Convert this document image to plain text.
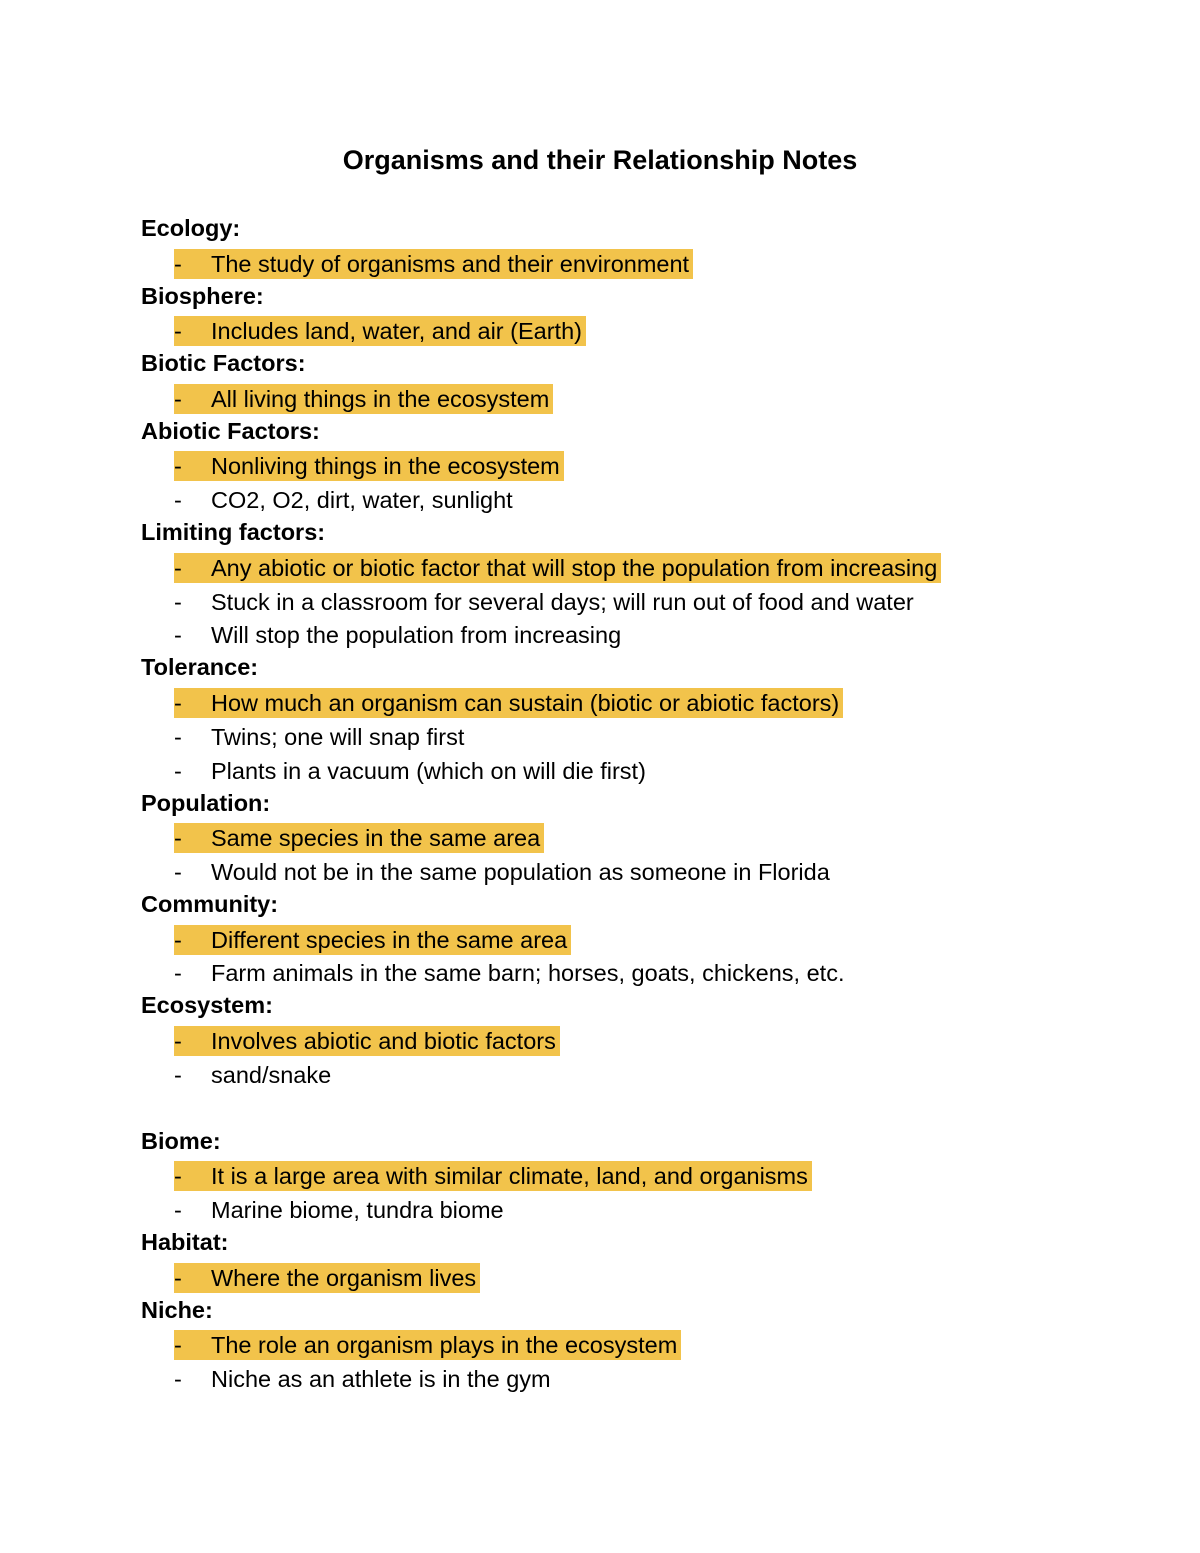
Organisms and their Relationship Notes
Ecology:
- The study of organisms and their environment
Biosphere:
- Includes land, water, and air (Earth)
Biotic Factors:
- All living things in the ecosystem
Abiotic Factors:
- Nonliving things in the ecosystem
- CO2, O2, dirt, water, sunlight
Limiting factors:
- Any abiotic or biotic factor that will stop the population from increasing
- Stuck in a classroom for several days; will run out of food and water
- Will stop the population from increasing
Tolerance:
- How much an organism can sustain (biotic or abiotic factors)
- Twins; one will snap first
- Plants in a vacuum (which on will die first)
Population:
- Same species in the same area
- Would not be in the same population as someone in Florida
Community:
- Different species in the same area
- Farm animals in the same barn; horses, goats, chickens, etc.
Ecosystem:
- Involves abiotic and biotic factors
- sand/snake
Biome:
- It is a large area with similar climate, land, and organisms
- Marine biome, tundra biome
Habitat:
- Where the organism lives
Niche:
- The role an organism plays in the ecosystem
- Niche as an athlete is in the gym
